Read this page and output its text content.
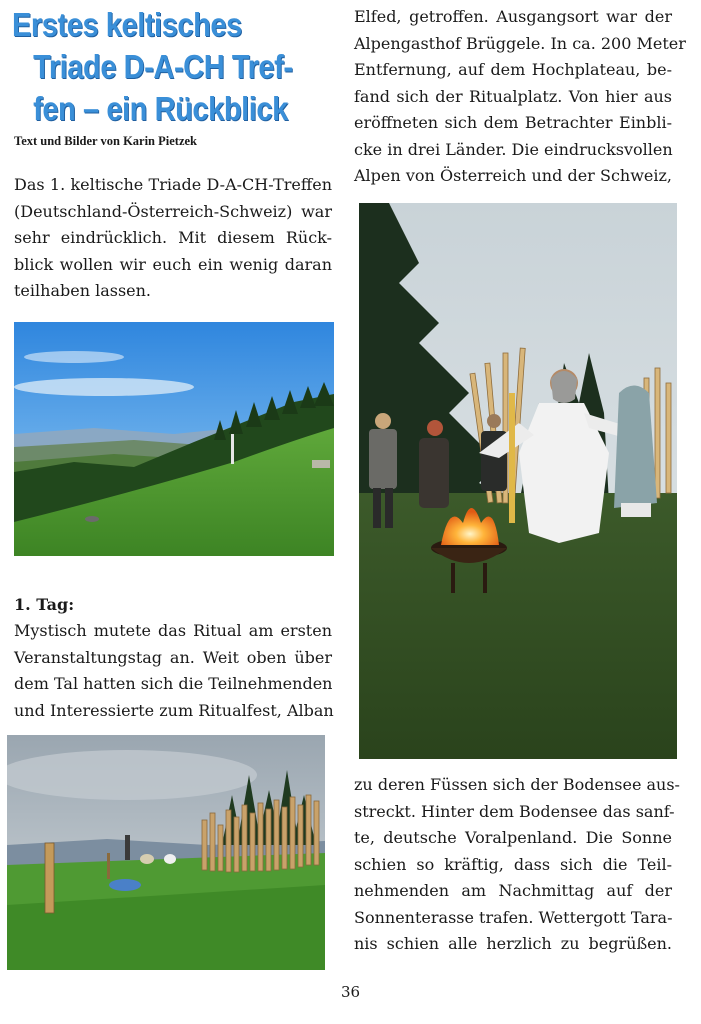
Erstes keltisches
Triade D-A-CH Tref-
fen – ein Rückblick
Text und Bilder von Karin Pietzek
Das 1. keltische Triade D-A-CH-Treffen
(Deutschland-Österreich-Schweiz) war
sehr eindrücklich. Mit diesem Rück-
blick wollen wir euch ein wenig daran
teilhaben lassen.
1. Tag:
Mystisch mutete das Ritual am ersten
Veranstaltungstag an. Weit oben über
dem Tal hatten sich die Teilnehmenden
und Interessierte zum Ritualfest, Alban
Elfed, getroffen. Ausgangsort war der
Alpengasthof Brüggele. In ca. 200 Meter
Entfernung, auf dem Hochplateau, be-
fand sich der Ritualplatz. Von hier aus
eröffneten sich dem Betrachter Einbli-
cke in drei Länder. Die eindrucksvollen
Alpen von Österreich und der Schweiz,
zu deren Füssen sich der Bodensee aus-
streckt. Hinter dem Bodensee das sanf-
te, deutsche Voralpenland. Die Sonne
schien so kräftig, dass sich die Teil-
nehmenden am Nachmittag auf der
Sonnenterasse trafen. Wettergott Tara-
nis schien alle herzlich zu begrüßen.
36
